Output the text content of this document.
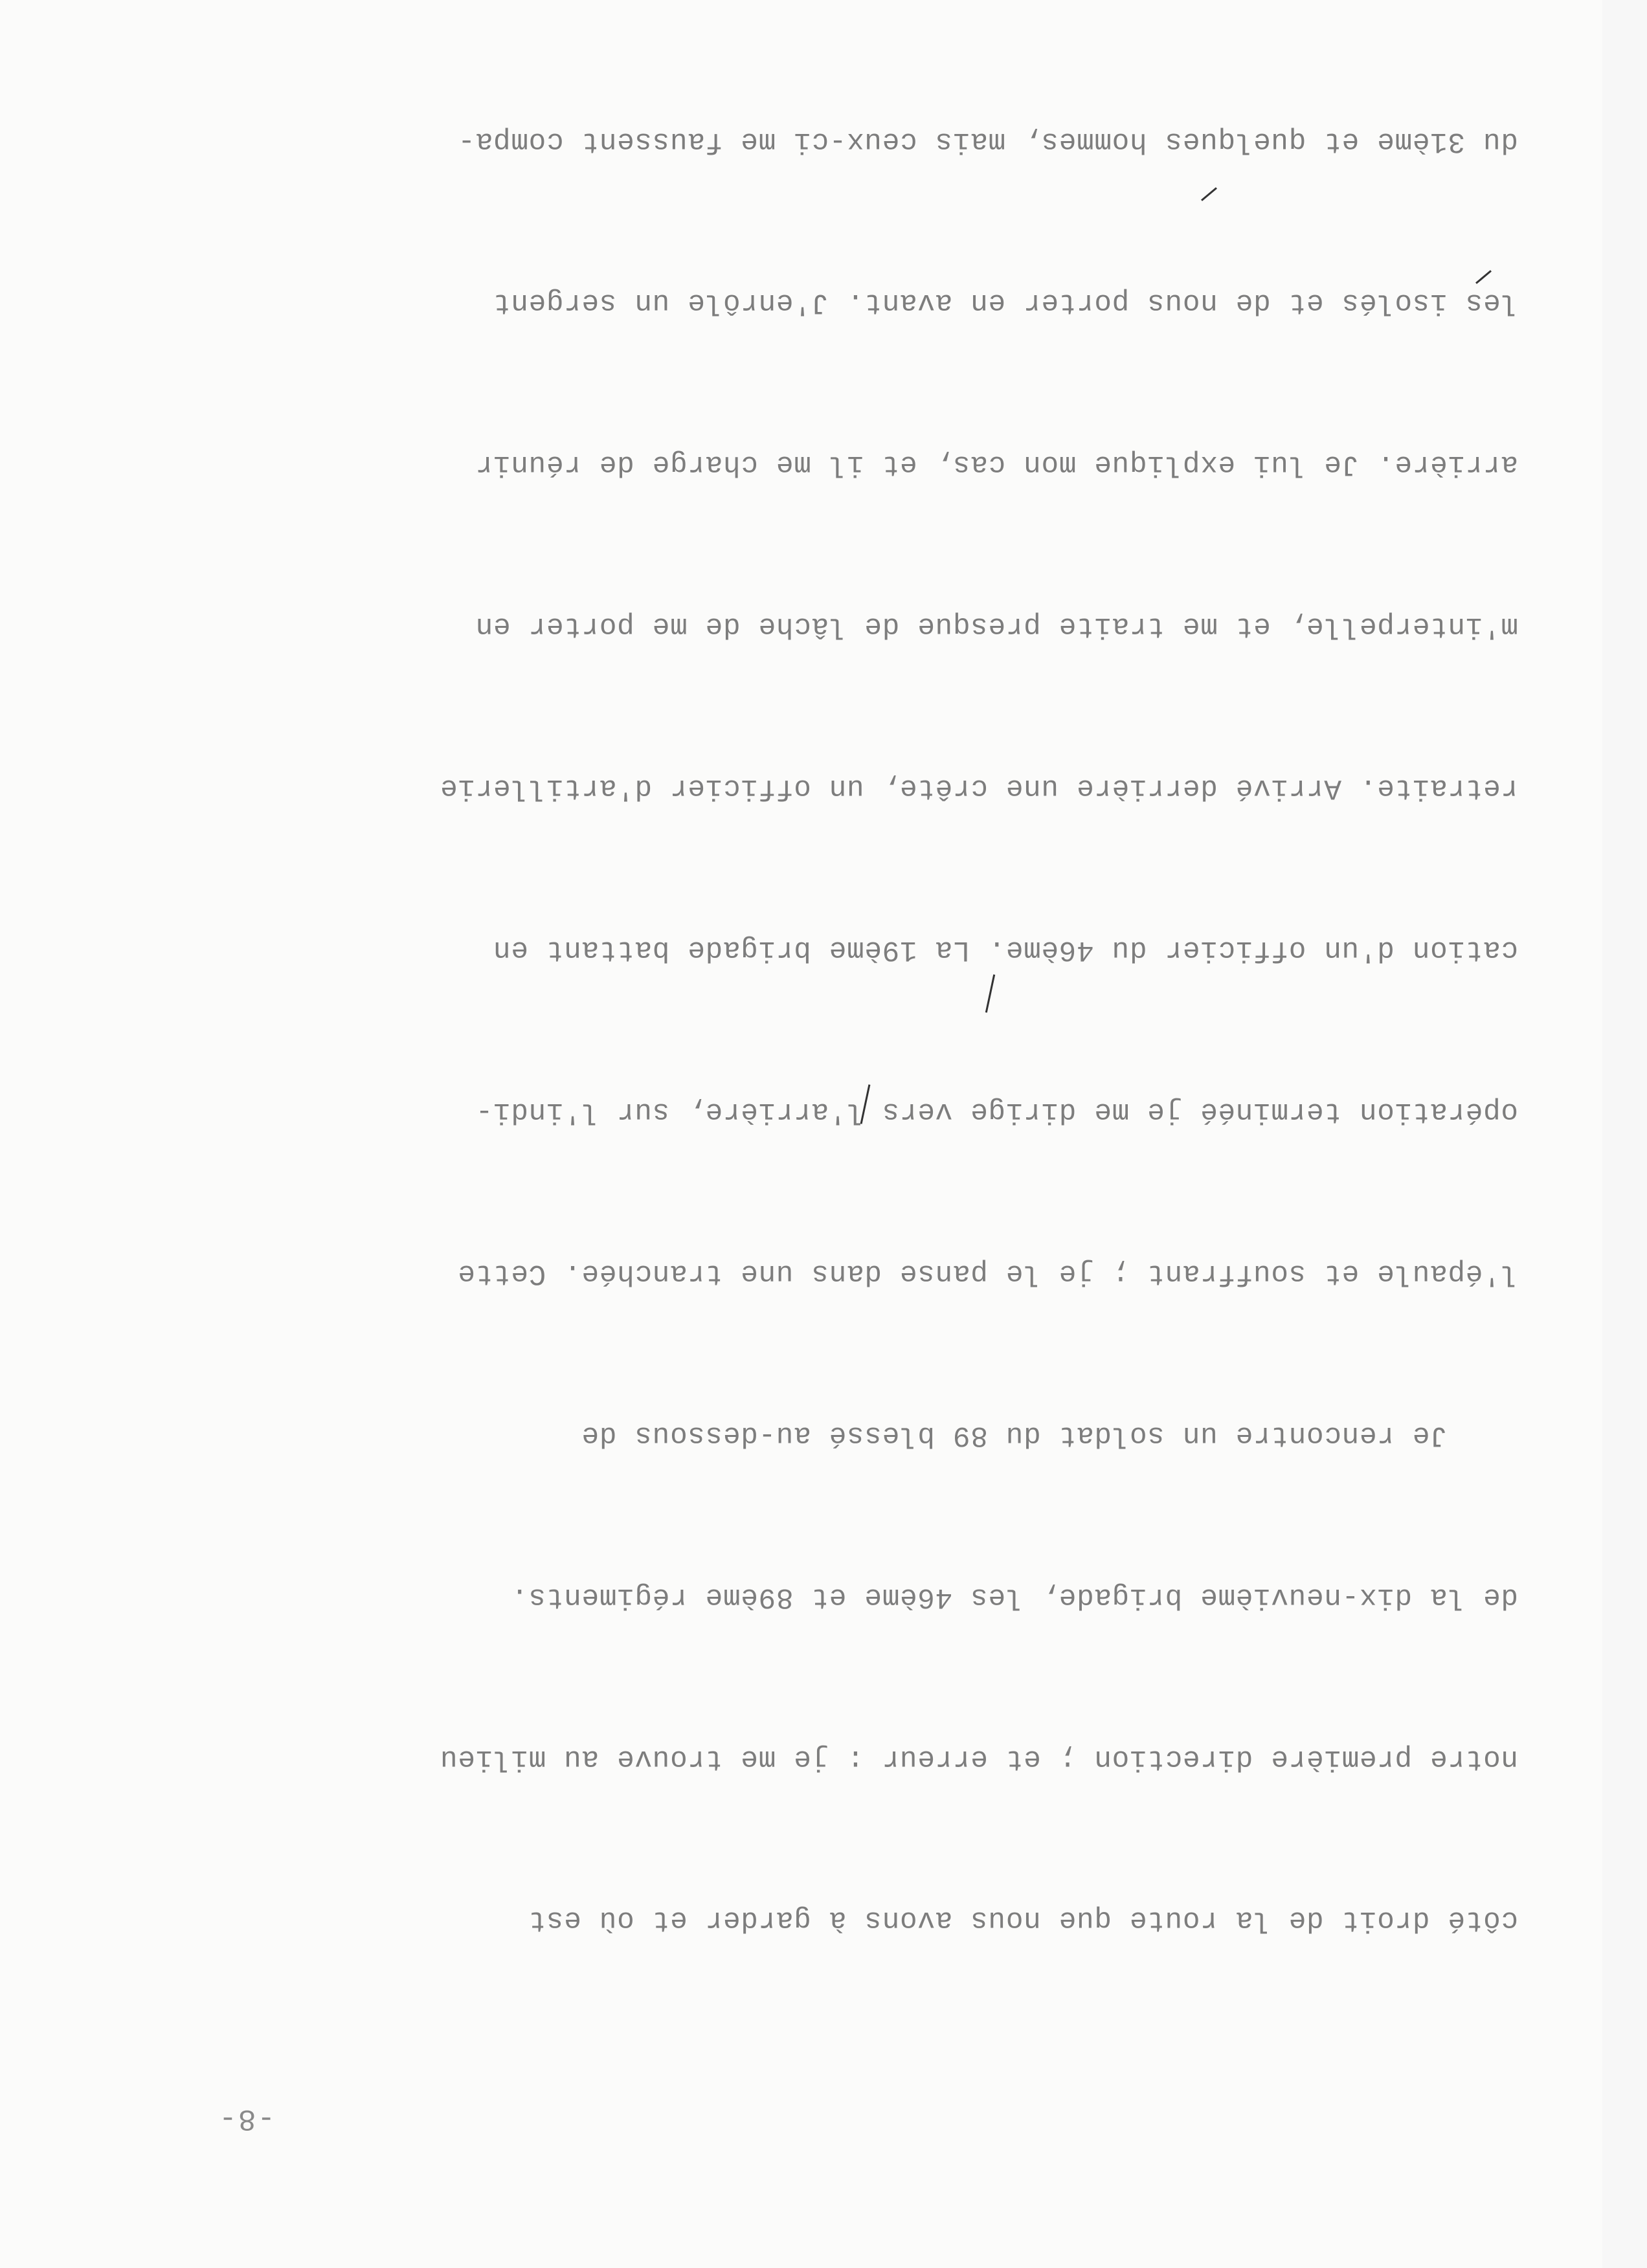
-8-

côté droit de la route que nous avons à garder et où est

notre première direction ; et erreur : je me trouve au milieu

de la dix-neuvième brigade, les 46ème et 89ème régiments.

Je rencontre un soldat du 89 blessé au-dessous de

l'épaule et souffrant ; je le panse dans une tranchée. Cette

opération terminéé je me dirige vers l'arrière, sur l'indi-

cation d'un officier du 46ème. La 19ème brigade battant en

retraite. Arrivé derrière une crête, un officier d'artillerie

m'interpelle, et me traite presque de lâche de me porter en

arrière. Je lui explique mon cas, et il me charge de réunir

les isolés et de nous porter en avant. J'enrôle un sergent

du 31ème et quelques hommes, mais ceux-ci me faussent compa-
